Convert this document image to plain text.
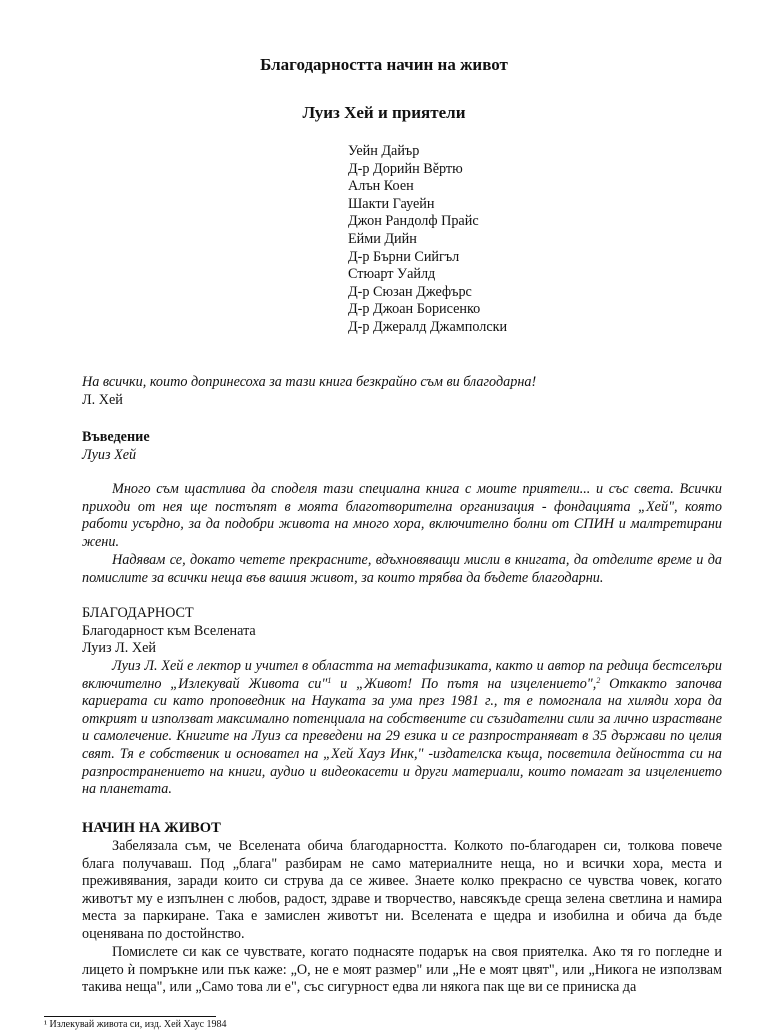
Благодарността начин на живот
Луиз Хей и приятели
Уейн Дайър
Д-р Дорийн Вěртю
Алън Коен
Шакти Гауейн
Джон Рандолф Прайс
Ейми Дийн
Д-р Бърни Сийгъл
Стюарт Уайлд
Д-р Сюзан Джефърс
Д-р Джоан Борисенко
Д-р Джералд Джамполски
На всички, които допринесоха за тази книга безкрайно съм ви благодарна!
Л. Хей
Въведение
Луиз Хей
Много съм щастлива да споделя тази специална книга с моите приятели... и със света. Всички приходи от нея ще постъпят в моята благотворителна организация - фондацията „Хей", която работи усърдно, за да подобри живота на много хора, включително болни от СПИН и малтретирани жени.
Надявам се, докато четете прекрасните, вдъхновяващи мисли в книгата, да отделите време и да помислите за всички неща във вашия живот, за които трябва да бъдете благодарни.
БЛАГОДАРНОСТ
Благодарност към Вселената
Луиз Л. Хей
Луиз Л. Хей е лектор и учител в областта на метафизиката, както и автор па редица бестселъри включително „Излекувай Живота си"$^1$ и „Живот! По пътя на изцелението",$^2$ Откакто започва кариерата си като проповедник на Науката за ума през 1981 г., тя е помогнала на хиляди хора да открият и използват максимално потенциала на собствените си съзидателни сили за лично израстване и самолечение. Книгите на Луиз са преведени на 29 езика и се разпространяват в 35 държави по целия свят. Тя е собственик и основател на „Хей Хауз Инк," -издателска къща, посветила дейността си на разпространението на книги, аудио и видеокасети и други материали, които помагат за изцелението на планетата.
НАЧИН НА ЖИВОТ
Забелязала съм, че Вселената обича благодарността. Колкото по-благодарен си, толкова повече блага получаваш. Под „блага" разбирам не само материалните неща, но и всички хора, места и преживявания, заради които си струва да се живее. Знаете колко прекрасно се чувства човек, когато животът му е изпълнен с любов, радост, здраве и творчество, навсякъде среща зелена светлина и намира места за паркиране. Така е замислен животът ни. Вселената е щедра и изобилна и обича да бъде оценявана по достойнство.
Помислете си как се чувствате, когато поднасяте подарък на своя приятелка. Ако тя го погледне и лицето ѝ помръкне или пък каже: „О, не е моят размер" или „Не е моят цвят", или „Никога не използвам такива неща", или „Само това ли е", със сигурност едва ли някога пак ще ви се приниска да
¹ Излекувай живота си, изд. Хей Хаус 1984
